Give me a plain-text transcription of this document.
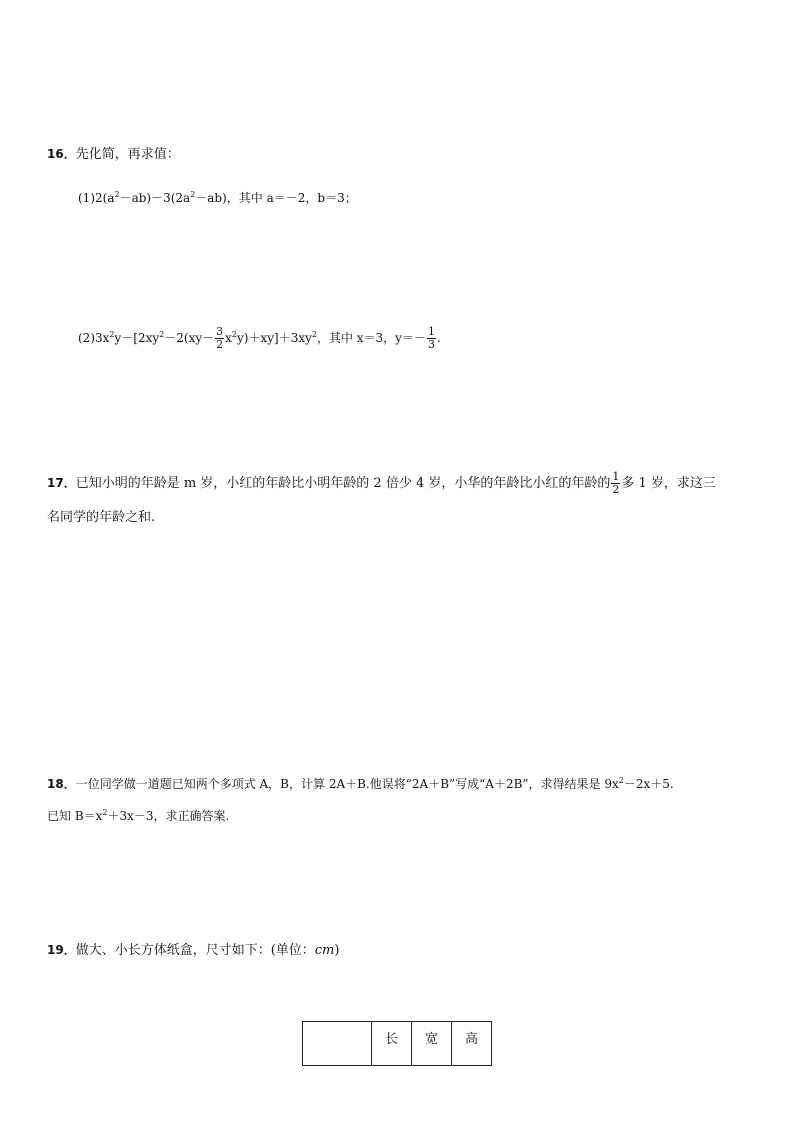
16．先化简，再求值：
$(1)2(a^2-ab)-3(2a^2-ab)$，其中 a＝－2，b＝3；
$(2)3x^2y-[2xy^2-2(xy- \frac{3}{2} x^2y)+xy]+3xy^2$，其中 x＝3，$y=- \frac{1}{3}$ .
17．已知小明的年龄是 m 岁，小红的年龄比小明年龄的 2 倍少 4 岁，小华的年龄比小红的年龄的 $\frac{1}{2}$ 多 1 岁，求这三
名同学的年龄之和.
18．一位同学做一道题已知两个多项式 A，B，计算 2A＋B.他误将“2A＋B”写成“A＋2B”，求得结果是 $9x^2-2x+5$.
已知 $B=x^2+3x-3$，求正确答案.
19．做大、小长方体纸盒，尺寸如下：(单位：cm)
	长	宽	高
